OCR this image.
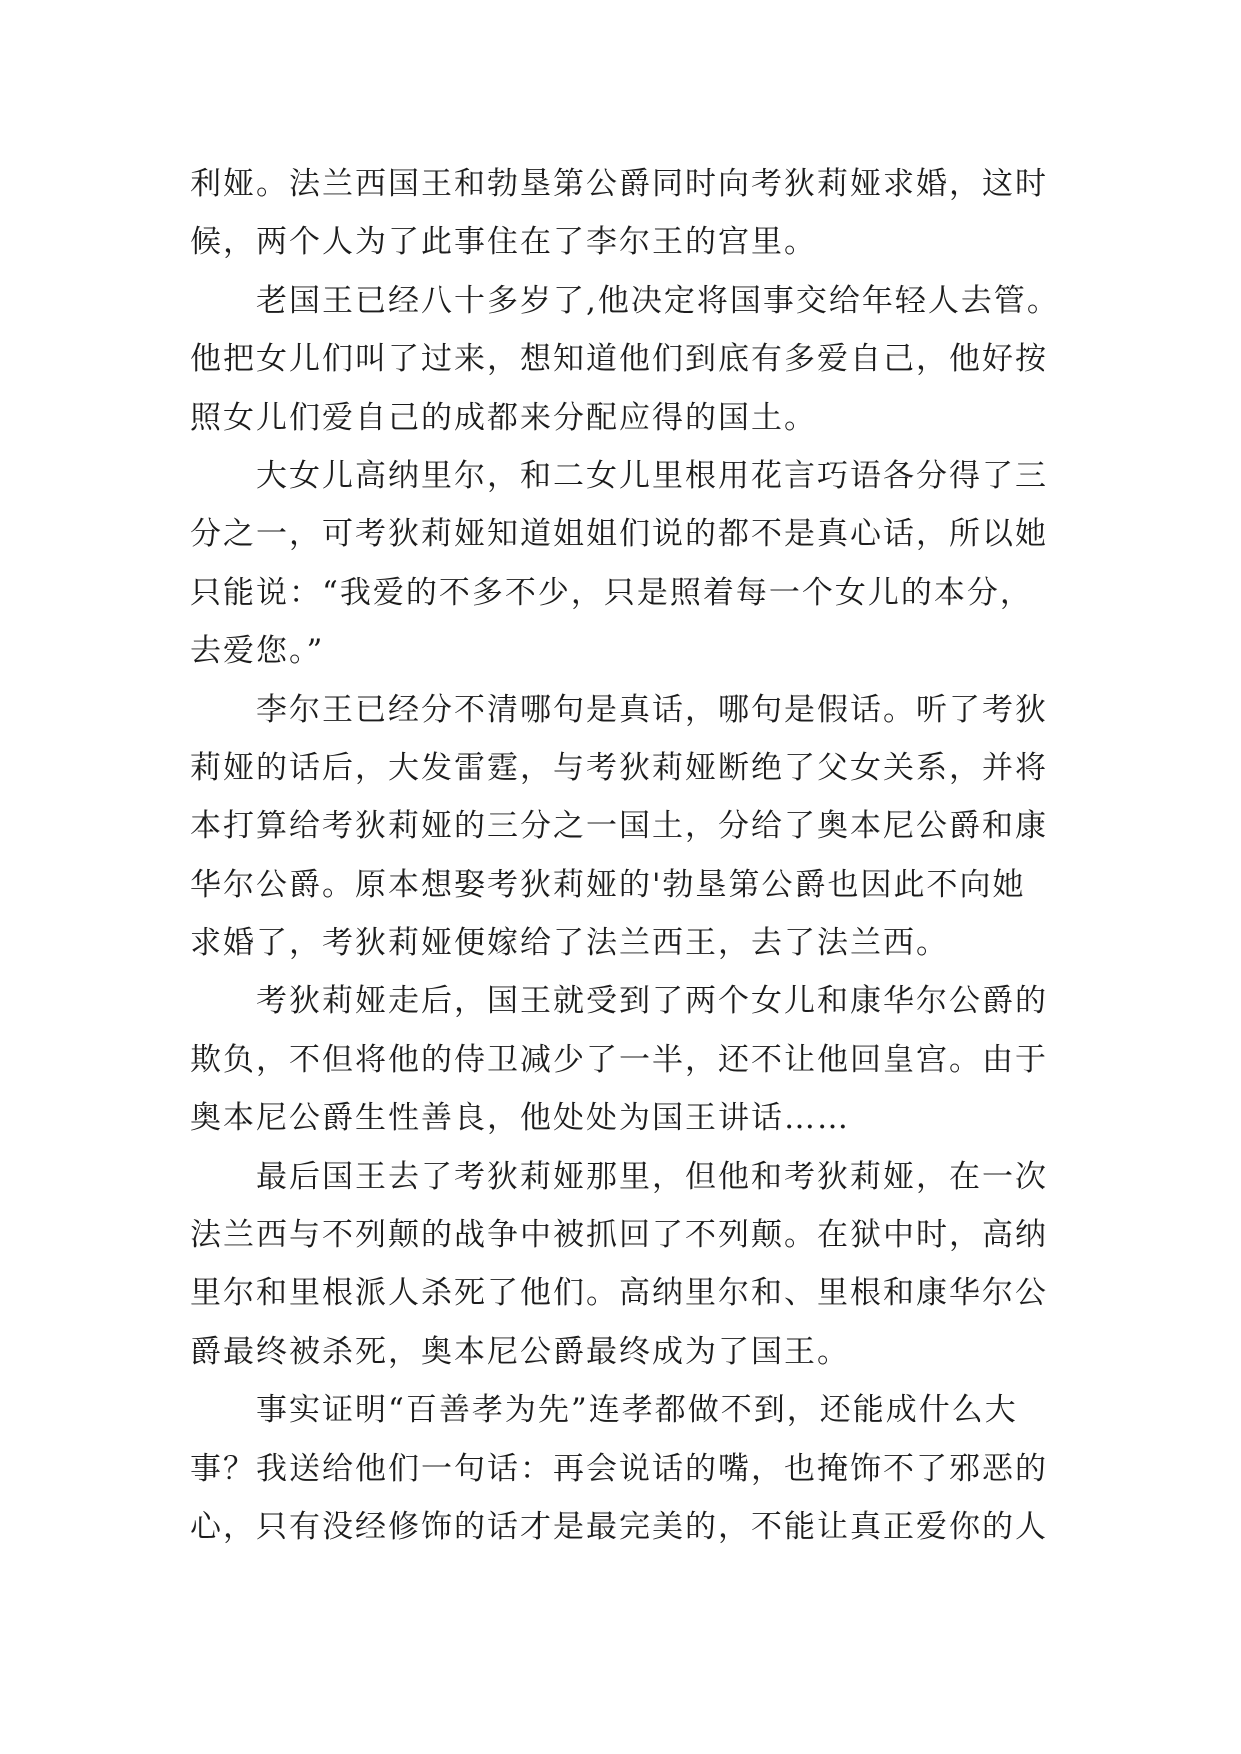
利娅。法兰西国王和勃垦第公爵同时向考狄莉娅求婚，这时
候，两个人为了此事住在了李尔王的宫里。
老国王已经八十多岁了,他决定将国事交给年轻人去管。
他把女儿们叫了过来，想知道他们到底有多爱自己，他好按
照女儿们爱自己的成都来分配应得的国土。
大女儿高纳里尔，和二女儿里根用花言巧语各分得了三
分之一，可考狄莉娅知道姐姐们说的都不是真心话，所以她
只能说：“我爱的不多不少，只是照着每一个女儿的本分，
去爱您。”
李尔王已经分不清哪句是真话，哪句是假话。听了考狄
莉娅的话后，大发雷霆，与考狄莉娅断绝了父女关系，并将
本打算给考狄莉娅的三分之一国土，分给了奥本尼公爵和康
华尔公爵。原本想娶考狄莉娅的'勃垦第公爵也因此不向她
求婚了，考狄莉娅便嫁给了法兰西王，去了法兰西。
考狄莉娅走后，国王就受到了两个女儿和康华尔公爵的
欺负，不但将他的侍卫减少了一半，还不让他回皇宫。由于
奥本尼公爵生性善良，他处处为国王讲话……
最后国王去了考狄莉娅那里，但他和考狄莉娅，在一次
法兰西与不列颠的战争中被抓回了不列颠。在狱中时，高纳
里尔和里根派人杀死了他们。高纳里尔和、里根和康华尔公
爵最终被杀死，奥本尼公爵最终成为了国王。
事实证明“百善孝为先”连孝都做不到，还能成什么大
事？我送给他们一句话：再会说话的嘴，也掩饰不了邪恶的
心，只有没经修饰的话才是最完美的，不能让真正爱你的人
